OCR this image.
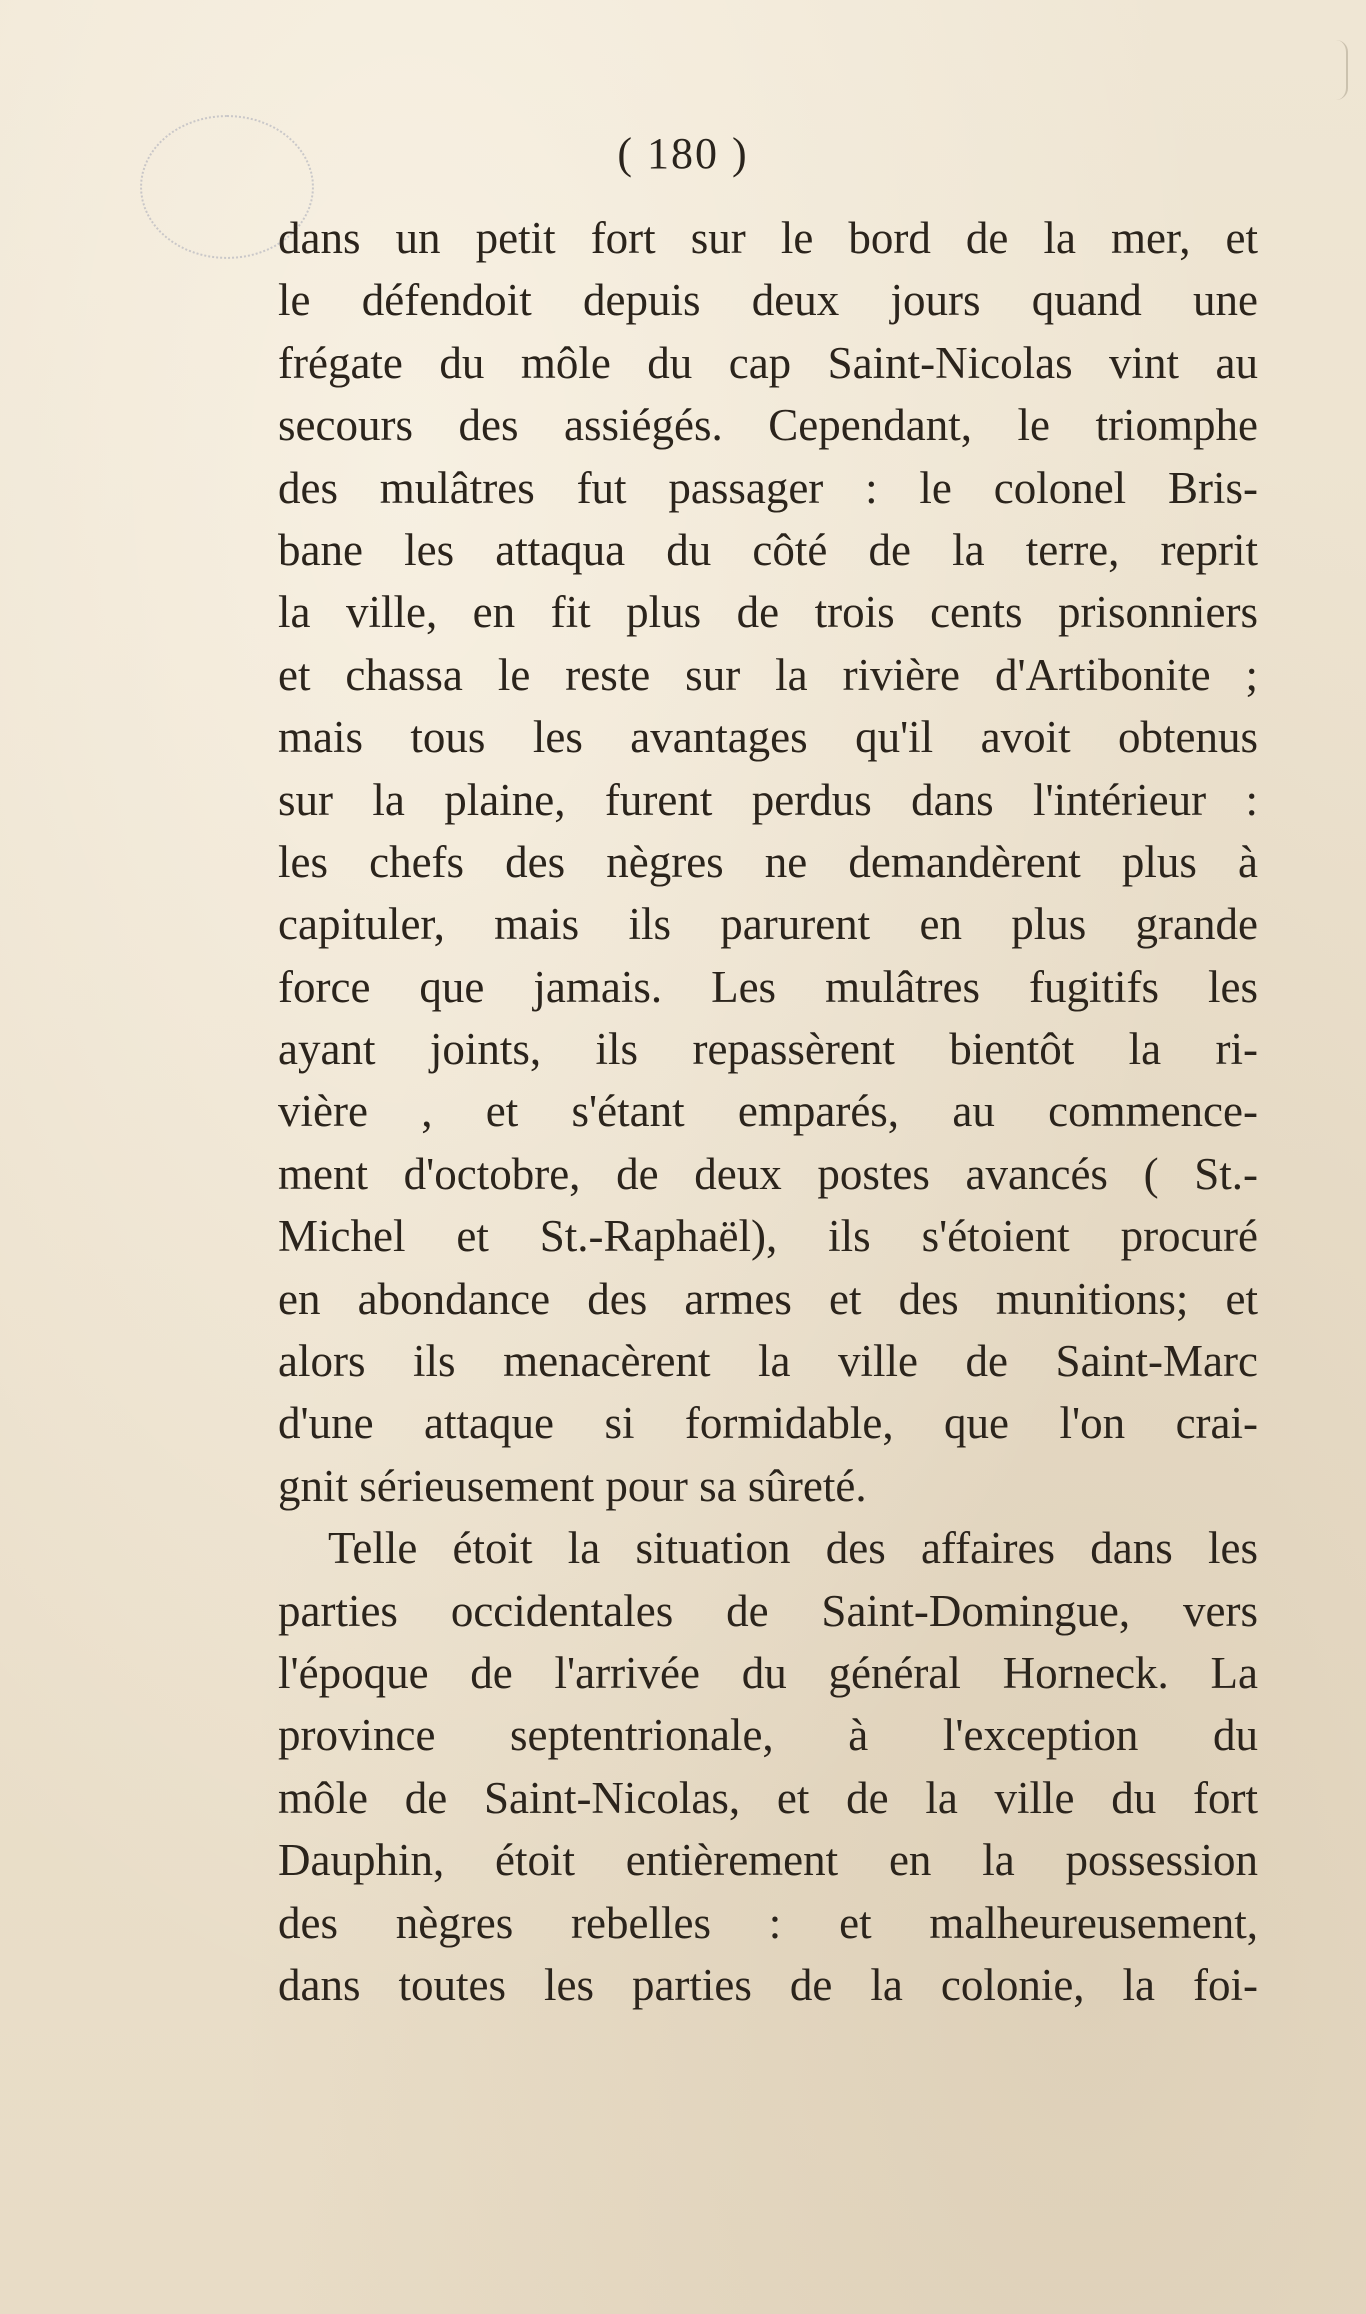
( 180 )
dans un petit fort sur le bord de la mer, et
le défendoit depuis deux jours quand une
frégate du môle du cap Saint-Nicolas vint au
secours des assiégés. Cependant, le triomphe
des mulâtres fut passager : le colonel Bris-
bane les attaqua du côté de la terre, reprit
la ville, en fit plus de trois cents prisonniers
et chassa le reste sur la rivière d'Artibonite ;
mais tous les avantages qu'il avoit obtenus
sur la plaine, furent perdus dans l'intérieur :
les chefs des nègres ne demandèrent plus à
capituler, mais ils parurent en plus grande
force que jamais. Les mulâtres fugitifs les
ayant joints, ils repassèrent bientôt la ri-
vière , et s'étant emparés, au commence-
ment d'octobre, de deux postes avancés ( St.-
Michel et St.-Raphaël), ils s'étoient procuré
en abondance des armes et des munitions; et
alors ils menacèrent la ville de Saint-Marc
d'une attaque si formidable, que l'on crai-
gnit sérieusement pour sa sûreté.
Telle étoit la situation des affaires dans les
parties occidentales de Saint-Domingue, vers
l'époque de l'arrivée du général Horneck. La
province septentrionale, à l'exception du
môle de Saint-Nicolas, et de la ville du fort
Dauphin, étoit entièrement en la possession
des nègres rebelles : et malheureusement,
dans toutes les parties de la colonie, la foi-
